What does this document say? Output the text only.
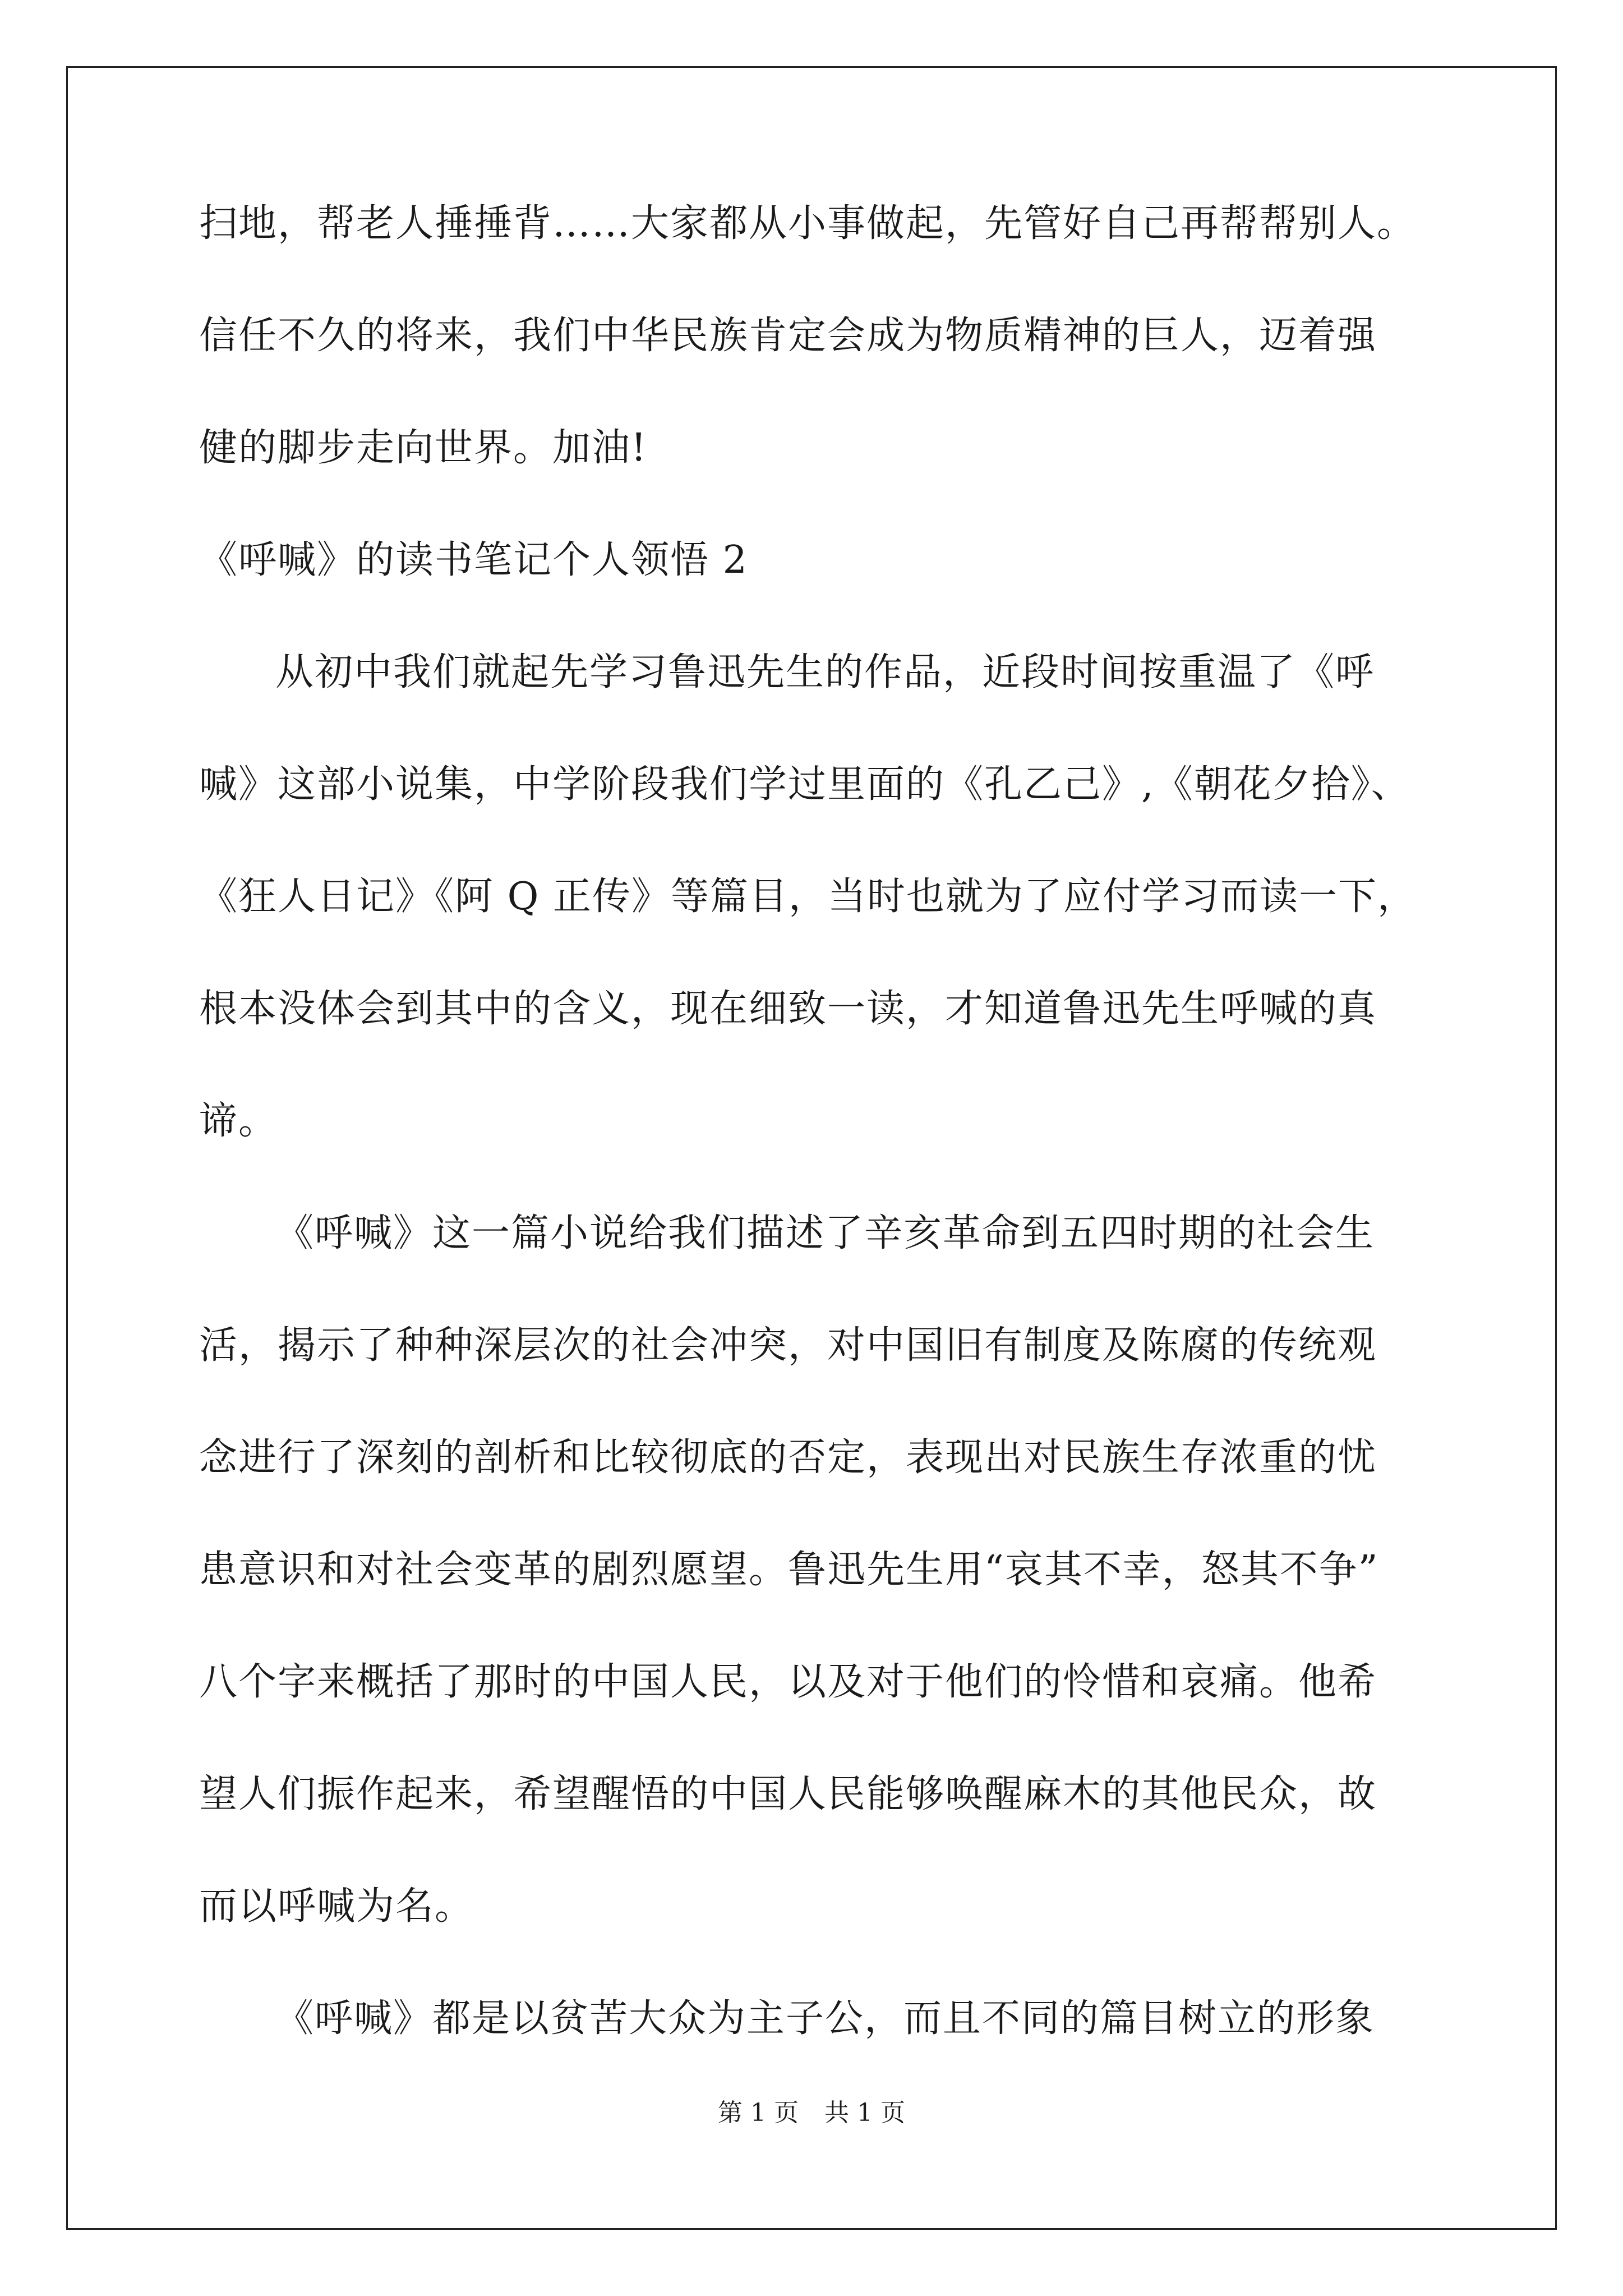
扫地，帮老人捶捶背……大家都从小事做起，先管好自己再帮帮别人。
信任不久的将来，我们中华民族肯定会成为物质精神的巨人，迈着强
健的脚步走向世界。加油!
《呼喊》的读书笔记个人领悟 2
从初中我们就起先学习鲁迅先生的作品，近段时间按重温了《呼
喊》这部小说集，中学阶段我们学过里面的《孔乙己》,《朝花夕拾》、
《狂人日记》《阿 Q 正传》等篇目，当时也就为了应付学习而读一下，
根本没体会到其中的含义，现在细致一读，才知道鲁迅先生呼喊的真
谛。
《呼喊》这一篇小说给我们描述了辛亥革命到五四时期的社会生
活，揭示了种种深层次的社会冲突，对中国旧有制度及陈腐的传统观
念进行了深刻的剖析和比较彻底的否定，表现出对民族生存浓重的忧
患意识和对社会变革的剧烈愿望。鲁迅先生用“哀其不幸，怒其不争”
八个字来概括了那时的中国人民，以及对于他们的怜惜和哀痛。他希
望人们振作起来，希望醒悟的中国人民能够唤醒麻木的其他民众，故
而以呼喊为名。
《呼喊》都是以贫苦大众为主子公，而且不同的篇目树立的形象
第 1 页 共 1 页
